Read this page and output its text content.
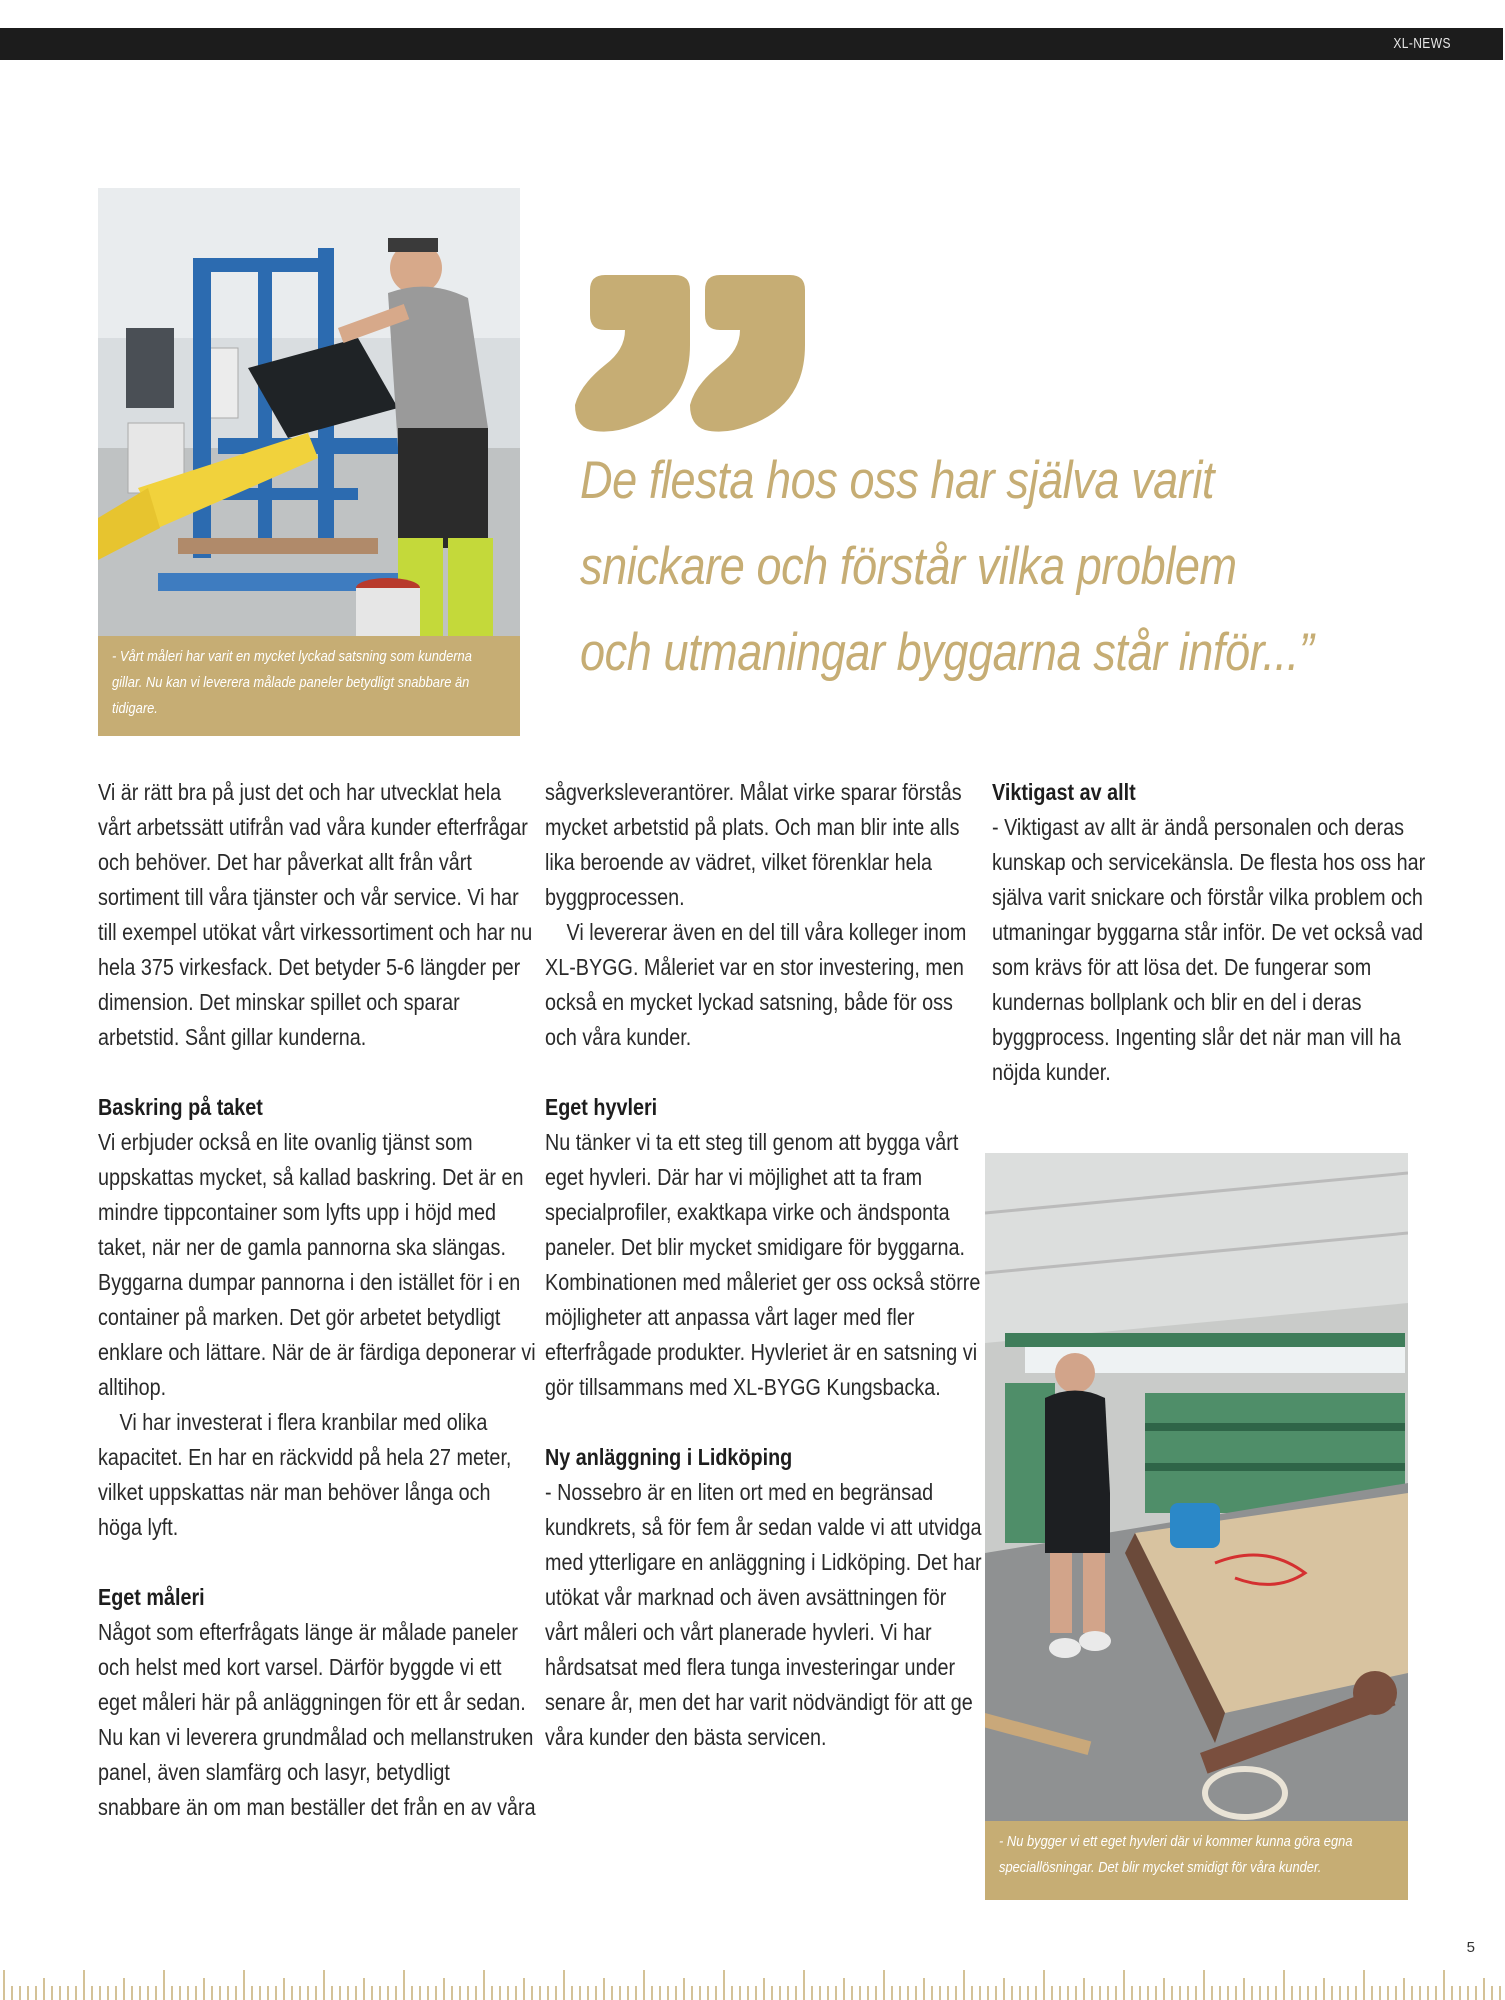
XL-NEWS
- Vårt måleri har varit en mycket lyckad satsning som kunderna gillar. Nu kan vi leverera målade paneler betydligt snabbare än tidigare.
De flesta hos oss har själva varit
snickare och förstår vilka problem
och utmaningar byggarna står inför...”

Vi är rätt bra på just det och har utvecklat hela vårt arbetssätt utifrån vad våra kunder efterfrågar och behöver. Det har påverkat allt från vårt sortiment till våra tjänster och vår service. Vi har till exempel utökat vårt virkessortiment och har nu hela 375 virkesfack. Det betyder 5-6 längder per dimension. Det minskar spillet och sparar arbetstid. Sånt gillar kunderna.

Baskring på taket

Vi erbjuder också en lite ovanlig tjänst som uppskattas mycket, så kallad baskring. Det är en mindre tippcontainer som lyfts upp i höjd med taket, när ner de gamla pannorna ska slängas. Byggarna dumpar pannorna i den istället för i en container på marken. Det gör arbetet betydligt enklare och lättare. När de är färdiga deponerar vi alltihop.

Vi har investerat i flera kranbilar med olika kapacitet. En har en räckvidd på hela 27 meter, vilket uppskattas när man behöver långa och höga lyft.

Eget måleri

Något som efterfrågats länge är målade paneler och helst med kort varsel. Därför byggde vi ett eget måleri här på anläggningen för ett år sedan. Nu kan vi leverera grundmålad och mellanstruken panel, även slamfärg och lasyr, betydligt snabbare än om man beställer det från en av våra

sågverksleverantörer. Målat virke sparar förstås mycket arbetstid på plats. Och man blir inte alls lika beroende av vädret, vilket förenklar hela byggprocessen.

Vi levererar även en del till våra kolleger inom XL-BYGG. Måleriet var en stor investering, men också en mycket lyckad satsning, både för oss och våra kunder.

Eget hyvleri

Nu tänker vi ta ett steg till genom att bygga vårt eget hyvleri. Där har vi möjlighet att ta fram specialprofiler, exaktkapa virke och ändsponta paneler. Det blir mycket smidigare för byggarna. Kombinationen med måleriet ger oss också större möjligheter att anpassa vårt lager med fler efterfrågade produkter. Hyvleriet är en satsning vi gör tillsammans med XL-BYGG Kungsbacka.

Ny anläggning i Lidköping

- Nossebro är en liten ort med en begränsad kundkrets, så för fem år sedan valde vi att utvidga med ytterligare en anläggning i Lidköping. Det har utökat vår marknad och även avsättningen för vårt måleri och vårt planerade hyvleri. Vi har hårdsatsat med flera tunga investeringar under senare år, men det har varit nödvändigt för att ge våra kunder den bästa servicen.

Viktigast av allt

- Viktigast av allt är ändå personalen och deras kunskap och servicekänsla. De flesta hos oss har själva varit snickare och förstår vilka problem och utmaningar byggarna står inför. De vet också vad som krävs för att lösa det. De fungerar som kundernas bollplank och blir en del i deras byggprocess. Ingenting slår det när man vill ha nöjda kunder.

- Nu bygger vi ett eget hyvleri där vi kommer kunna göra egna speciallösningar. Det blir mycket smidigt för våra kunder.
5
